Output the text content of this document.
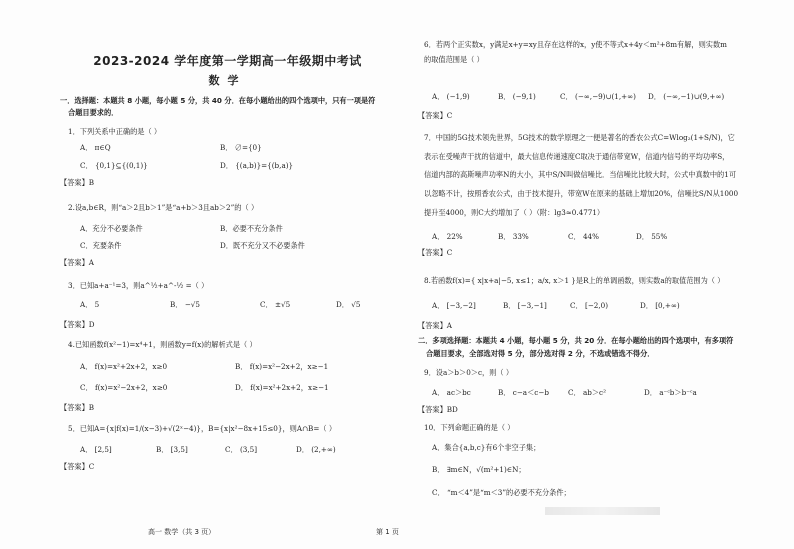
2023-2024 学年度第一学期高一年级期中考试
数学
一．选择题：本题共 8 小题，每小题 5 分，共 40 分．在每小题给出的四个选项中，只有一项是符
合题目要求的．
1．下列关系中正确的是（ ）
A． π∈Q	B． ∅={0}
C． {0,1}⊆{(0,1)}	D． {(a,b)}={(b,a)}
【答案】B
2.设a,b∈R，则“a＞2且b＞1”是“a+b＞3且ab＞2”的（ ）
A．充分不必要条件	B．必要不充分条件
C．充要条件	D．既不充分又不必要条件
【答案】A
3．已知a+a⁻¹=3，则a^½+a^-½ =（ ）
A． 5	B． −√5	C． ±√5	D． √5
【答案】D
4.已知函数f(x²−1)=x⁴+1，则函数y=f(x)的解析式是（ ）
A． f(x)=x²+2x+2，x≥0	B． f(x)=x²−2x+2，x≥−1
C． f(x)=x²−2x+2，x≥0	D． f(x)=x²+2x+2，x≥−1
【答案】B
5．已知A={x|f(x)=1/(x−3)+√(2ˣ−4)}，B={x|x²−8x+15≤0}，则A∩B=（ ）
A． [2,5]	B． [3,5]	C． (3,5]	D． (2,+∞)
【答案】C
高一 数学（共 3 页）
6．若两个正实数x，y满足x+y=xy且存在这样的x，y使不等式x+4y＜m²+8m有解，则实数m
的取值范围是（ ）
A． (−1,9)	B． (−9,1)	C． (−∞,−9)∪(1,+∞) D． (−∞,−1)∪(9,+∞)
【答案】C
7．中国的5G技术领先世界，5G技术的数学原理之一便是著名的香农公式C=Wlog₂(1+S/N)，它
表示在受噪声干扰的信道中，最大信息传递速度C取决于通信带宽W，信道内信号的平均功率S，
信道内部的高斯噪声功率N的大小，其中S/N叫做信噪比．当信噪比比较大时，公式中真数中的1可
以忽略不计，按照香农公式，由于技术提升，带宽W在原来的基础上增加20%，信噪比S/N从1000
提升至4000，则C大约增加了（ ）（附：lg3≈0.4771）
A． 22%	B． 33%	C． 44%	D． 55%
【答案】C
8.若函数f(x)={ x|x+a|−5, x≤1；a/x, x＞1 }是R上的单调函数，则实数a的取值范围为（ ）
A． [−3,−2]	B． [−3,−1]	C． [−2,0)	D． [0,+∞)
【答案】A
二．多项选择题：本题共 4 小题，每小题 5 分，共 20 分．在每小题给出的四个选项中，有多项符
合题目要求，全部选对得 5 分，部分选对得 2 分，不选或错选不得分．
9．设a＞b＞0＞c，则（ ）
A． ac＞bc	B． c−a＜c−b	C． ab＞c²	D． a⁻ᶜb＞b⁻ᶜa
【答案】BD
10．下列命题正确的是（ ）
A．集合{a,b,c}有6个非空子集；
B． ∃m∈N，√(m²+1)∈N；
C． “m＜4”是“m＜3”的必要不充分条件；
第 1 页
